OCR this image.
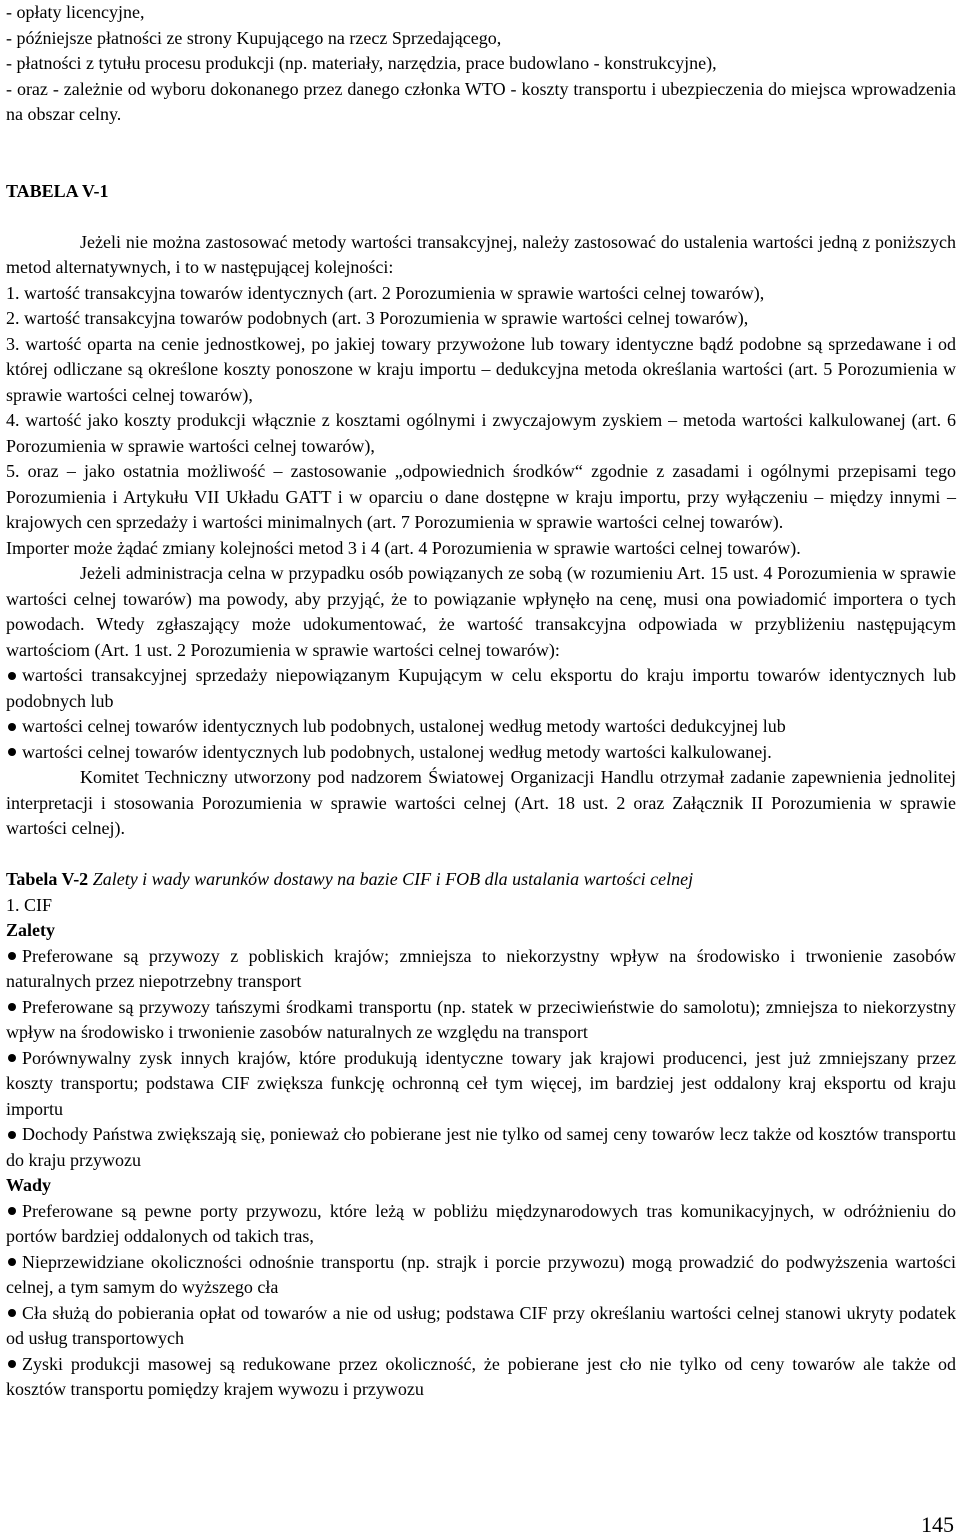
- opłaty licencyjne,

- późniejsze płatności ze strony Kupującego na rzecz Sprzedającego,

- płatności z tytułu procesu produkcji (np. materiały, narzędzia, prace budowlano - konstrukcyjne),

- oraz - zależnie od wyboru dokonanego przez danego członka WTO - koszty transportu i ubezpieczenia do miejsca wprowadzenia na obszar celny.

TABELA V-1

Jeżeli nie można zastosować metody wartości transakcyjnej, należy zastosować do ustalenia wartości jedną z poniższych metod alternatywnych, i to w następującej kolejności:

1. wartość transakcyjna towarów identycznych (art. 2 Porozumienia w sprawie wartości celnej towarów),

2. wartość transakcyjna towarów podobnych (art. 3 Porozumienia w sprawie wartości celnej towarów),

3. wartość oparta na cenie jednostkowej, po jakiej towary przywożone lub towary identyczne bądź podobne są sprzedawane i od której odliczane są określone koszty ponoszone w kraju importu – dedukcyjna metoda określania wartości (art. 5 Porozumienia w sprawie wartości celnej towarów),

4. wartość jako koszty produkcji włącznie z kosztami ogólnymi i zwyczajowym zyskiem – metoda wartości kalkulowanej (art. 6 Porozumienia w sprawie wartości celnej towarów),

5. oraz – jako ostatnia możliwość – zastosowanie „odpowiednich środków“ zgodnie z zasadami i ogólnymi przepisami tego Porozumienia i Artykułu VII Układu GATT i w oparciu o dane dostępne w kraju importu, przy wyłączeniu – między innymi – krajowych cen sprzedaży i wartości minimalnych (art. 7 Porozumienia w sprawie wartości celnej towarów).

Importer może żądać zmiany kolejności metod 3 i 4 (art. 4 Porozumienia w sprawie wartości celnej towarów).

Jeżeli administracja celna w przypadku osób powiązanych ze sobą (w rozumieniu Art. 15 ust. 4 Porozumienia w sprawie wartości celnej towarów) ma powody, aby przyjąć, że to powiązanie wpłynęło na cenę, musi ona powiadomić importera o tych powodach. Wtedy zgłaszający może udokumentować, że wartość transakcyjna odpowiada w przybliżeniu następującym wartościom (Art. 1 ust. 2 Porozumienia w sprawie wartości celnej towarów):

wartości transakcyjnej sprzedaży niepowiązanym Kupującym w celu eksportu do kraju importu towarów identycznych lub podobnych lub

wartości celnej towarów identycznych lub podobnych, ustalonej według metody wartości dedukcyjnej lub

wartości celnej towarów identycznych lub podobnych, ustalonej według metody wartości kalkulowanej.

Komitet Techniczny utworzony pod nadzorem Światowej Organizacji Handlu otrzymał zadanie zapewnienia jednolitej interpretacji i stosowania Porozumienia w sprawie wartości celnej (Art. 18 ust. 2 oraz Załącznik II Porozumienia w sprawie wartości celnej).

Tabela V-2 Zalety i wady warunków dostawy na bazie CIF i FOB dla ustalania wartości celnej

1. CIF

Zalety

Preferowane są przywozy z pobliskich krajów; zmniejsza to niekorzystny wpływ na środowisko i trwonienie zasobów naturalnych przez niepotrzebny transport

Preferowane są przywozy tańszymi środkami transportu (np. statek w przeciwieństwie do samolotu); zmniejsza to niekorzystny wpływ na środowisko i trwonienie zasobów naturalnych ze względu na transport

Porównywalny zysk innych krajów, które produkują identyczne towary jak krajowi producenci, jest już zmniejszany przez koszty transportu; podstawa CIF zwiększa funkcję ochronną ceł tym więcej, im bardziej jest oddalony kraj eksportu od kraju importu

Dochody Państwa zwiększają się, ponieważ cło pobierane jest nie tylko od samej ceny towarów lecz także od kosztów transportu do kraju przywozu

Wady

Preferowane są pewne porty przywozu, które leżą w pobliżu międzynarodowych tras komunikacyjnych, w odróżnieniu do portów bardziej oddalonych od takich tras,

Nieprzewidziane okoliczności odnośnie transportu (np. strajk i porcie przywozu) mogą prowadzić do podwyższenia wartości celnej, a tym samym do wyższego cła

Cła służą do pobierania opłat od towarów a nie od usług; podstawa CIF przy określaniu wartości celnej stanowi ukryty podatek od usług transportowych

Zyski produkcji masowej są redukowane przez okoliczność, że pobierane jest cło nie tylko od ceny towarów ale także od kosztów transportu pomiędzy krajem wywozu i przywozu

145
